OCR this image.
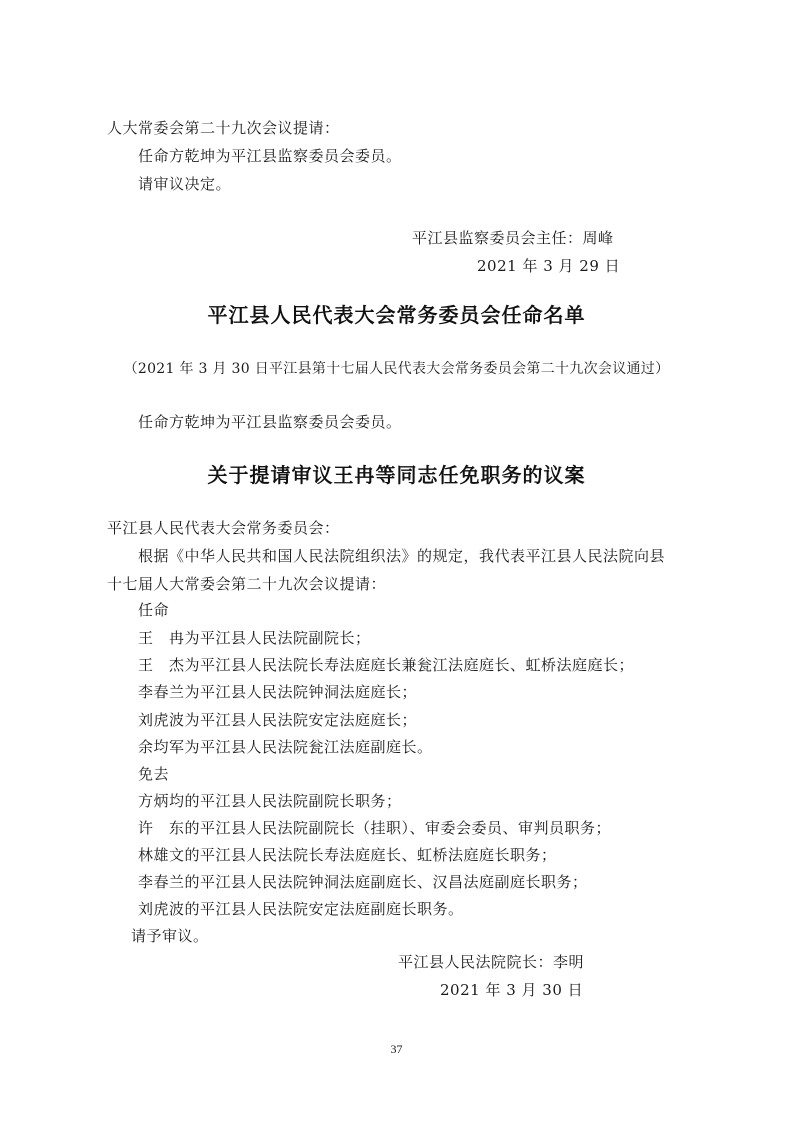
人大常委会第二十九次会议提请：
任命方乾坤为平江县监察委员会委员。
请审议决定。
平江县监察委员会主任：周峰
2021 年 3 月 29 日
平江县人民代表大会常务委员会任命名单
（2021 年 3 月 30 日平江县第十七届人民代表大会常务委员会第二十九次会议通过）
任命方乾坤为平江县监察委员会委员。
关于提请审议王冉等同志任免职务的议案
平江县人民代表大会常务委员会：
根据《中华人民共和国人民法院组织法》的规定，我代表平江县人民法院向县
十七届人大常委会第二十九次会议提请：
任命
王　冉为平江县人民法院副院长；
王　杰为平江县人民法院长寿法庭庭长兼瓮江法庭庭长、虹桥法庭庭长；
李春兰为平江县人民法院钟洞法庭庭长；
刘虎波为平江县人民法院安定法庭庭长；
余均军为平江县人民法院瓮江法庭副庭长。
免去
方炳均的平江县人民法院副院长职务；
许　东的平江县人民法院副院长（挂职）、审委会委员、审判员职务；
林雄文的平江县人民法院长寿法庭庭长、虹桥法庭庭长职务；
李春兰的平江县人民法院钟洞法庭副庭长、汉昌法庭副庭长职务；
刘虎波的平江县人民法院安定法庭副庭长职务。
请予审议。
平江县人民法院院长：李明
2021 年 3 月 30 日
37
